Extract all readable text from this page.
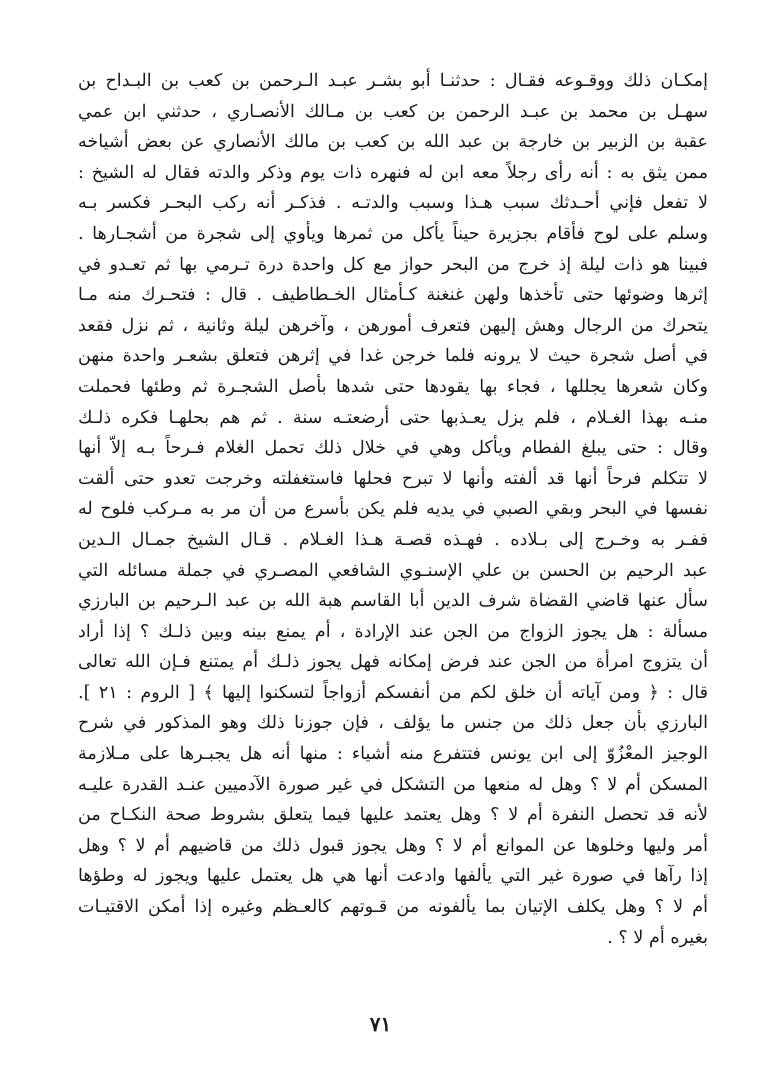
إمكـان ذلك ووقـوعه فقـال : حدثنـا أبو بشـر عبـد الـرحمن بن كعب بن البـداح بن
سهـل بن محمد بن عبـد الرحمن بن كعب بن مـالك الأنصـاري ، حدثني ابن عمي
عقبة بن الزبير بن خارجة بن عبد الله بن كعب بن مالك الأنصاري عن بعض أشياخه
ممن يثق به : أنه رأى رجلاً معه ابن له فنهره ذات يوم وذكر والدته فقال له الشيخ :
لا تفعل فإني أحـدثك سبب هـذا وسبب والدتـه . فذكـر أنه ركب البحـر فكسر بـه
وسلم على لوح فأقام بجزيرة حيناً يأكل من ثمرها ويأوي إلى شجرة من أشجـارها .
فبينا هو ذات ليلة إذ خرج من البحر حواز مع كل واحدة درة تـرمي بها ثم تعـدو في
إثرها وضوئها حتى تأخذها ولهن غنغنة كـأمثال الخـطاطيف . قال : فتحـرك منه مـا
يتحرك من الرجال وهش إليهن فتعرف أمورهن ، وآخرهن ليلة وثانية ، ثم نزل فقعد
في أصل شجرة حيث لا يرونه فلما خرجن غدا في إثرهن فتعلق بشعـر واحدة منهن
وكان شعرها يجللها ، فجاء بها يقودها حتى شدها بأصل الشجـرة ثم وطئها فحملت
منـه بهذا الغـلام ، فلم يزل يعـذبها حتى أرضعتـه سنة . ثم هم بحلهـا فكره ذلـك
وقال : حتى يبلغ الفطام ويأكل وهي في خلال ذلك تحمل الغلام فـرحاً بـه إلاّ أنها
لا تتكلم فرحاً أنها قد ألفته وأنها لا تبرح فحلها فاستغفلته وخرجت تعدو حتى ألقت
نفسها في البحر وبقي الصبي في يديه فلم يكن بأسرع من أن مر به مـركب فلوح له
ففـر به وخـرج إلى بـلاده . فهـذه قصـة هـذا الغـلام . قـال الشيخ جمـال الـدين
عبد الرحيم بن الحسن بن علي الإسنـوي الشافعي المصـري في جملة مسائله التي
سأل عنها قاضي القضاة شرف الدين أبا القاسم هبة الله بن عبد الـرحيم بن البارزي
مسألة : هل يجوز الزواج من الجن عند الإرادة ، أم يمنع بينه وبين ذلـك ؟ إذا أراد
أن يتزوج امرأة من الجن عند فرض إمكانه فهل يجوز ذلـك أم يمتنع فـإن الله تعالى
قال : ﴿ ومن آياته أن خلق لكم من أنفسكم أزواجاً لتسكنوا إليها ﴾ [ الروم : ٢١ ].
البارزي بأن جعل ذلك من جنس ما يؤلف ، فإن جوزنا ذلك وهو المذكور في شرح
الوجيز المعْزُوّ إلى ابن يونس فتتفرع منه أشياء : منها أنه هل يجبـرها على مـلازمة
المسكن أم لا ؟ وهل له منعها من التشكل في غير صورة الآدميين عنـد القدرة عليـه
لأنه قد تحصل النفرة أم لا ؟ وهل يعتمد عليها فيما يتعلق بشروط صحة النكـاح من
أمر وليها وخلوها عن الموانع أم لا ؟ وهل يجوز قبول ذلك من قاضيهم أم لا ؟ وهل
إذا رآها في صورة غير التي يألفها وادعت أنها هي هل يعتمل عليها ويجوز له وطؤها
أم لا ؟ وهل يكلف الإتيان بما يألفونه من قـوتهم كالعـظم وغيره إذا أمكن الاقتيـات
بغيره أم لا ؟ .
٧١
